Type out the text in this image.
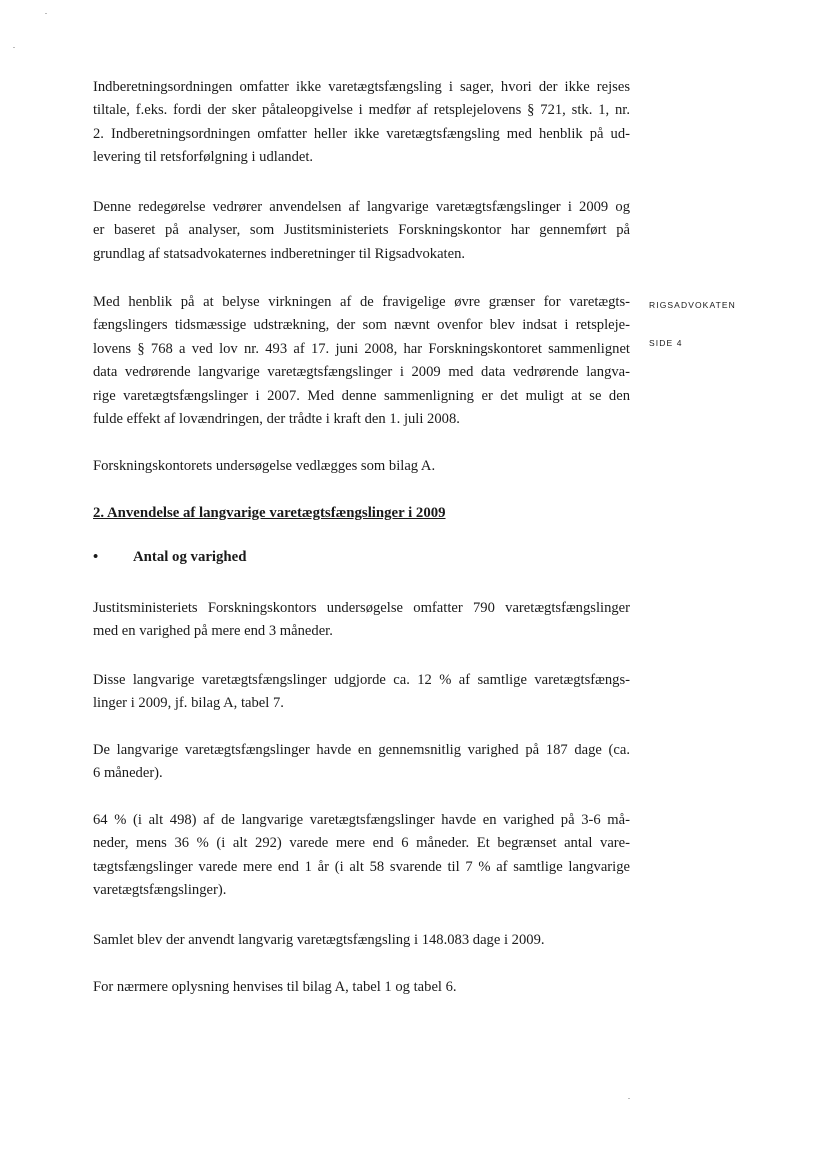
Indberetningsordningen omfatter ikke varetægtsfængsling i sager, hvori der ikke rejses
tiltale, f.eks. fordi der sker påtaleopgivelse i medfør af retsplejelovens § 721, stk. 1, nr.
2. Indberetningsordningen omfatter heller ikke varetægtsfængsling med henblik på ud-
levering til retsforfølgning i udlandet.

Denne redegørelse vedrører anvendelsen af langvarige varetægtsfængslinger i 2009 og
er baseret på analyser, som Justitsministeriets Forskningskontor har gennemført på
grundlag af statsadvokaternes indberetninger til Rigsadvokaten.

Med henblik på at belyse virkningen af de fravigelige øvre grænser for varetægts-
fængslingers tidsmæssige udstrækning, der som nævnt ovenfor blev indsat i retspleje-
lovens § 768 a ved lov nr. 493 af 17. juni 2008, har Forskningskontoret sammenlignet
data vedrørende langvarige varetægtsfængslinger i 2009 med data vedrørende langva-
rige varetægtsfængslinger i 2007. Med denne sammenligning er det muligt at se den
fulde effekt af lovændringen, der trådte i kraft den 1. juli 2008.

RIGSADVOKATEN
SIDE 4

Forskningskontorets undersøgelse vedlægges som bilag A.

2. Anvendelse af langvarige varetægtsfængslinger i 2009
• Antal og varighed

Justitsministeriets Forskningskontors undersøgelse omfatter 790 varetægtsfængslinger
med en varighed på mere end 3 måneder.

Disse langvarige varetægtsfængslinger udgjorde ca. 12 % af samtlige varetægtsfængs-
linger i 2009, jf. bilag A, tabel 7.

De langvarige varetægtsfængslinger havde en gennemsnitlig varighed på 187 dage (ca.
6 måneder).

64 % (i alt 498) af de langvarige varetægtsfængslinger havde en varighed på 3-6 må-
neder, mens 36 % (i alt 292) varede mere end 6 måneder. Et begrænset antal vare-
tægtsfængslinger varede mere end 1 år (i alt 58 svarende til 7 % af samtlige langvarige
varetægtsfængslinger).

Samlet blev der anvendt langvarig varetægtsfængsling i 148.083 dage i 2009.

For nærmere oplysning henvises til bilag A, tabel 1 og tabel 6.
